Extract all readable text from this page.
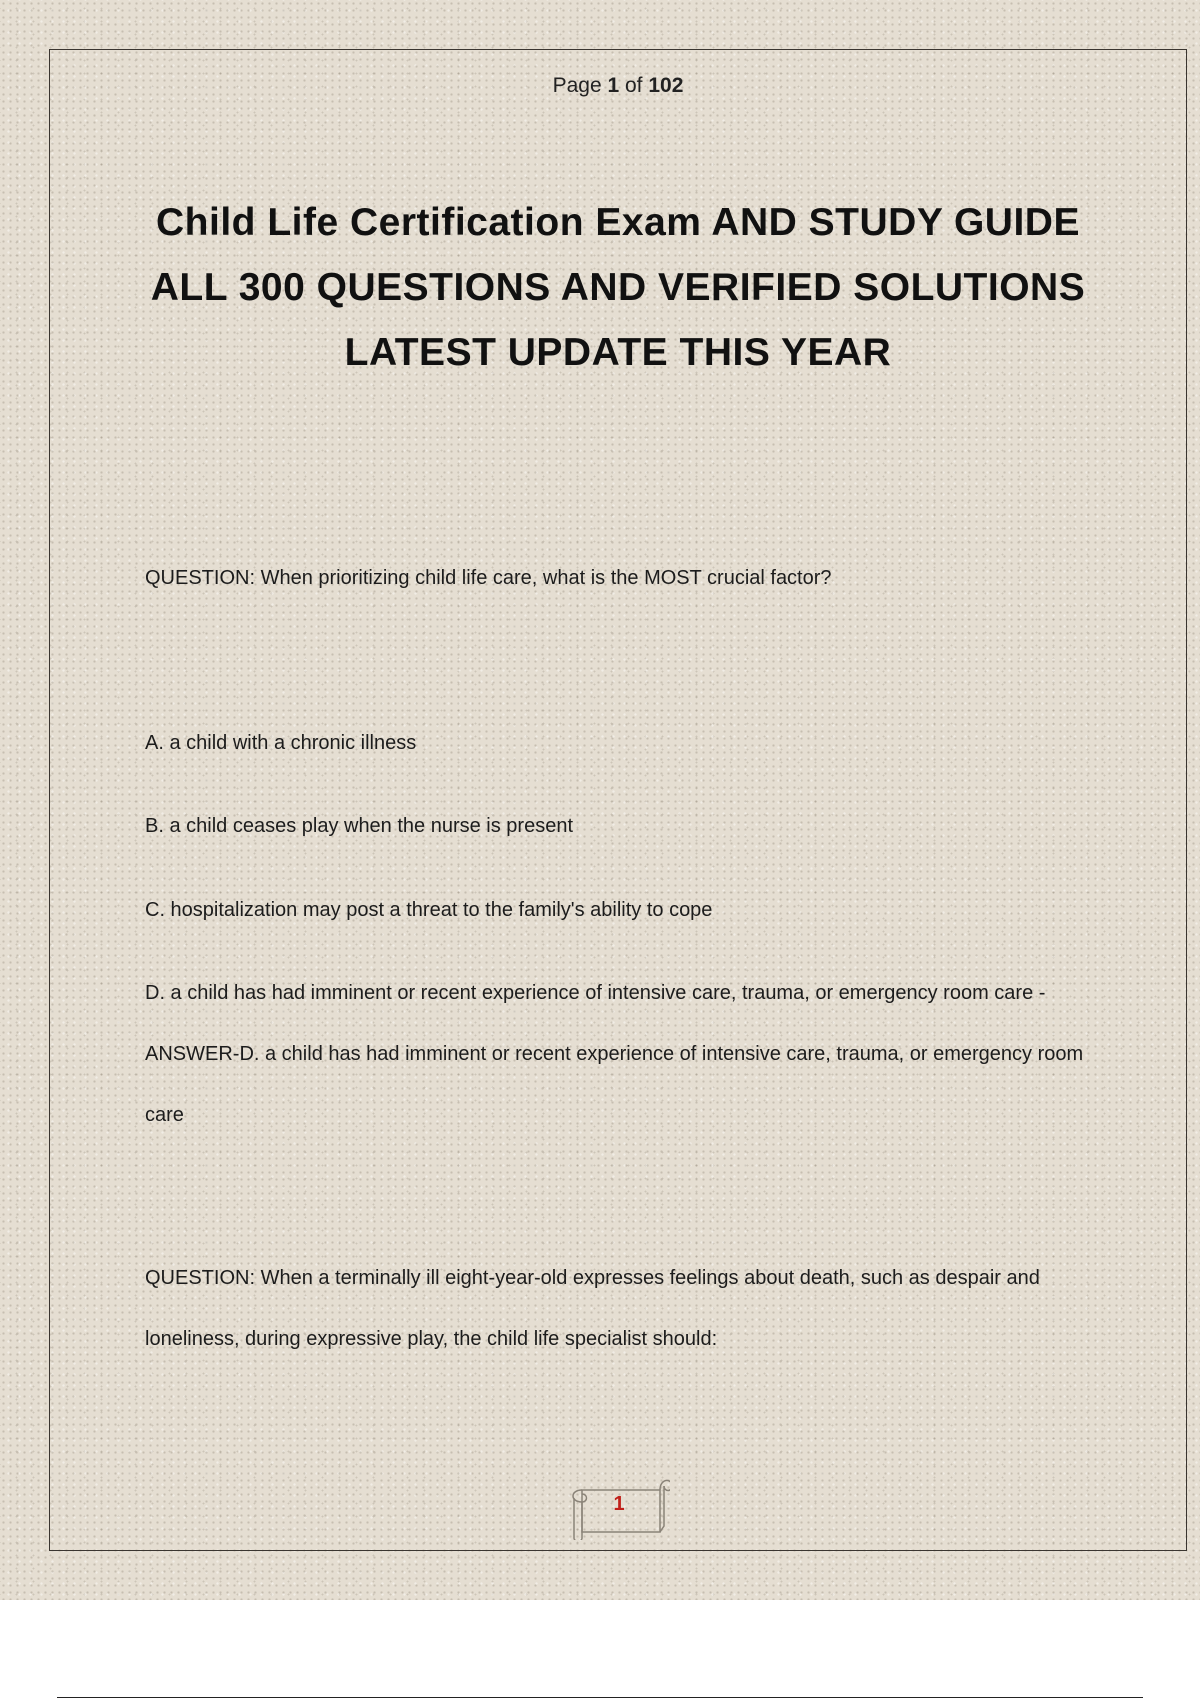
Page 1 of 102
Child Life Certification Exam AND STUDY GUIDE ALL 300 QUESTIONS AND VERIFIED SOLUTIONS LATEST UPDATE THIS YEAR

QUESTION: When prioritizing child life care, what is the MOST crucial factor?

A. a child with a chronic illness

B. a child ceases play when the nurse is present

C. hospitalization may post a threat to the family's ability to cope

D. a child has had imminent or recent experience of intensive care, trauma, or emergency room care - ANSWER-D. a child has had imminent or recent experience of intensive care, trauma, or emergency room care

QUESTION: When a terminally ill eight-year-old expresses feelings about death, such as despair and loneliness, during expressive play, the child life specialist should:

1
